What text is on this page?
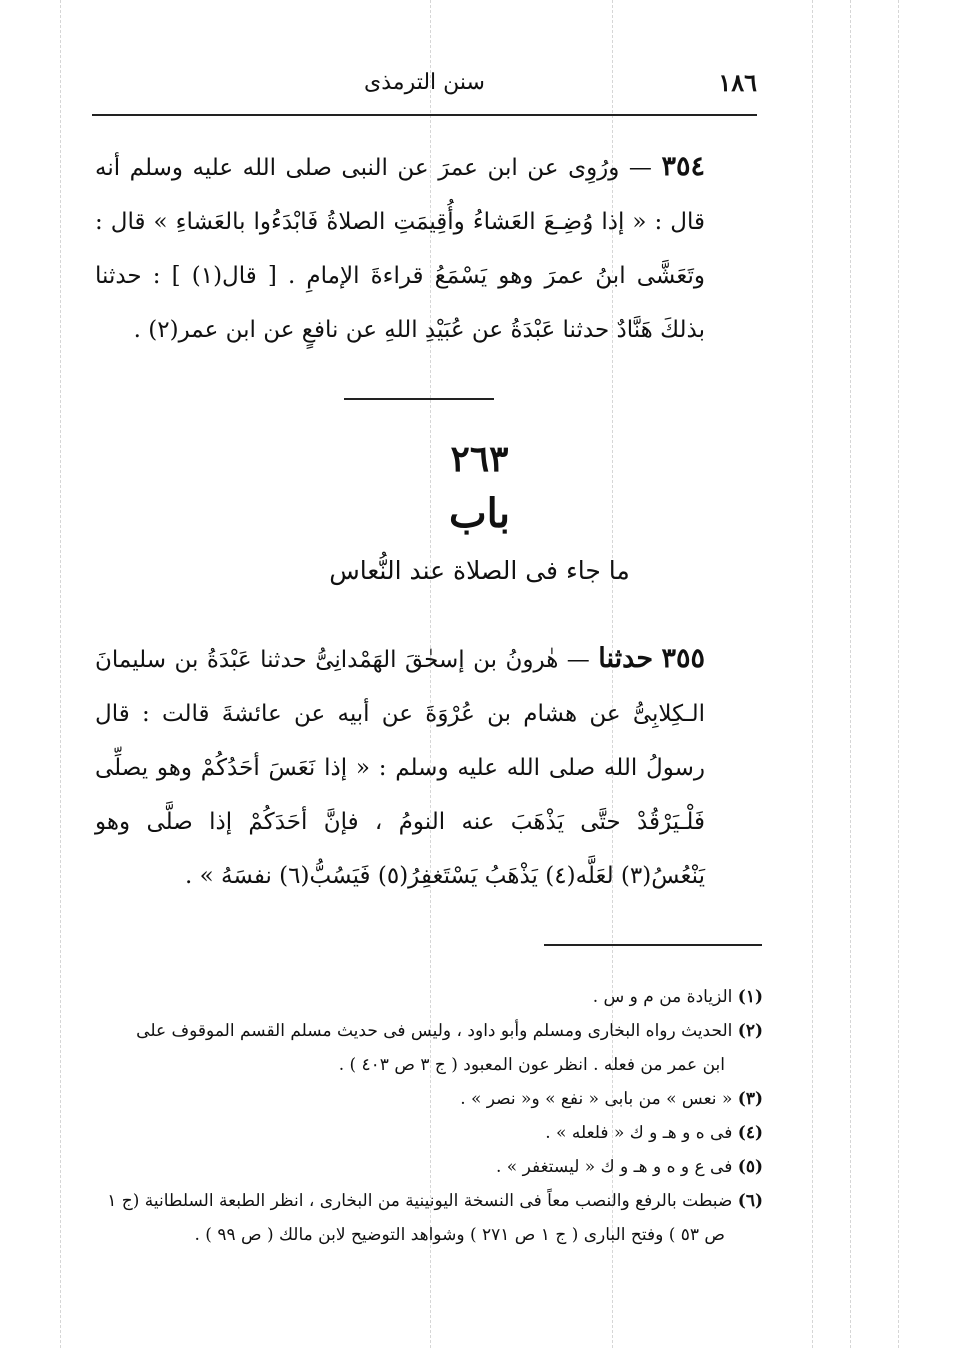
١٨٦
سنن الترمذى
٣٥٤ — ورُوِى عن ابن عمرَ عن النبى صلى الله عليه وسلم أنه قال : « إذا وُضِـعَ العَشاءُ وأُقِيمَتِ الصلاةُ فَابْدَءُوا بالعَشاءِ » قال : وتَعَشَّى ابنُ عمرَ وهو يَسْمَعُ قراءةَ الإمامِ . [ قال(١) ] : حدثنا بذلكَ هَنَّادٌ حدثنا عَبْدَةُ عن عُبَيْدِ اللهِ عن نافعٍ عن ابن عمر(٢) .
٢٦٣
باب
ما جاء فى الصلاة عند النُّعاس
٣٥٥ حدثنا — هٰرونُ بن إسحٰقَ الهَمْدانِىُّ حدثنا عَبْدَةُ بن سليمانَ الـكِلابِىُّ عن هشام بن عُرْوَةَ عن أبيه عن عائشةَ قالت : قال رسولُ الله صلى الله عليه وسلم : « إذا نَعَسَ أحَدُكُمْ وهو يصلِّى فَلْـيَرْقُدْ حتَّى يَذْهَبَ عنه النومُ ، فإنَّ أحَدَكُمْ إذا صلَّى وهو يَنْعُسُ(٣) لعَلَّه(٤) يَذْهَبُ يَسْتَغفِرُ(٥) فَيَسُبُّ(٦) نفسَهُ » .

(١) الزيادة من م و س .

(٢) الحديث رواه البخارى ومسلم وأبو داود ، وليس فى حديث مسلم القسم الموقوف على

ابن عمر من فعله . انظر عون المعبود ( ج ٣ ص ٤٠٣ ) .

(٣) « نعس » من بابى « نفع » و« نصر » .

(٤) فى ه و هـ و ك « فلعله » .

(٥) فى ع و ه و هـ و ك « ليستغفر » .

(٦) ضبطت بالرفع والنصب معاً فى النسخة اليونينية من البخارى ، انظر الطبعة السلطانية (ج ١

ص ٥٣ ) وفتح البارى ( ج ١ ص ٢٧١ ) وشواهد التوضيح لابن مالك ( ص ٩٩ ) .
